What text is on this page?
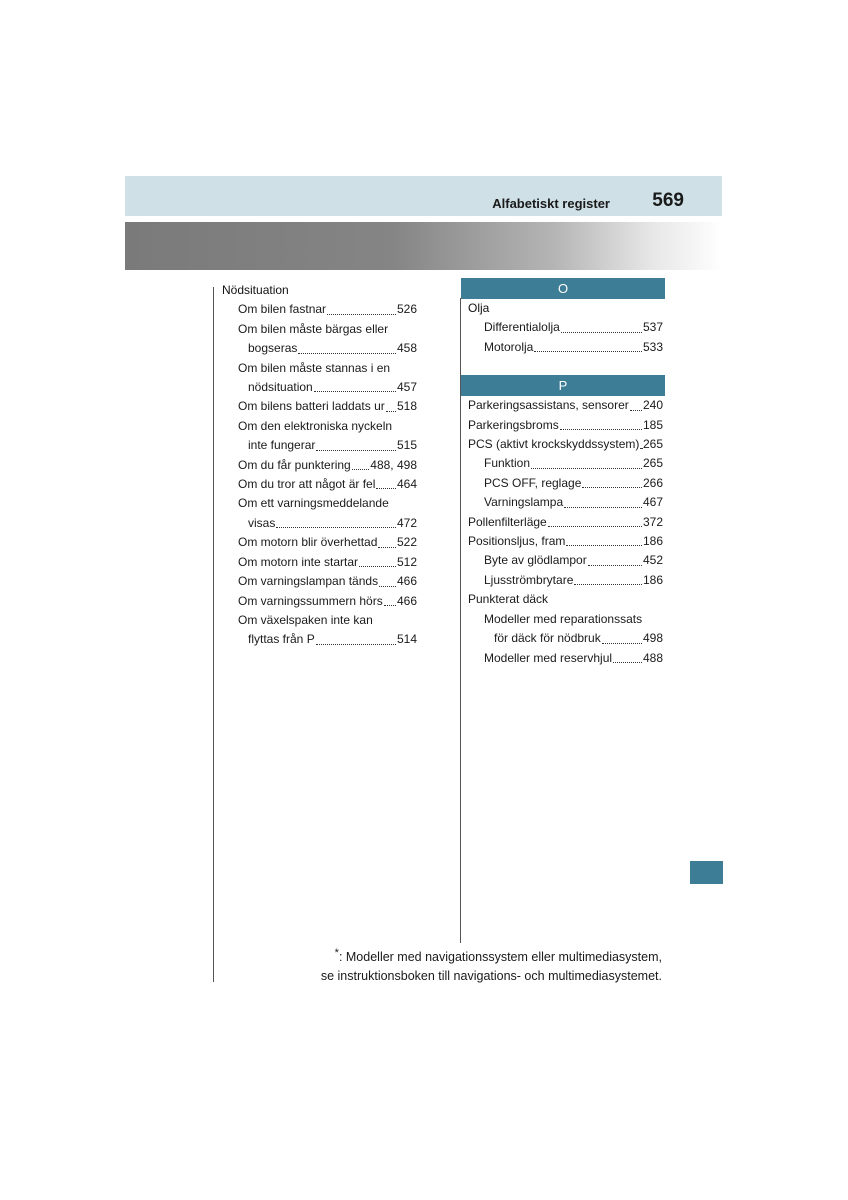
Alfabetiskt register 569
Nödsituation
Om bilen fastnar	526
Om bilen måste bärgas eller
bogseras	458
Om bilen måste stannas i en
nödsituation	457
Om bilens batteri laddats ur 518
Om den elektroniska nyckeln
inte fungerar	515
Om du får punktering 488, 498
Om du tror att något är fel 464
Om ett varningsmeddelande
visas	472
Om motorn blir överhettad 522
Om motorn inte startar	512
Om varningslampan tänds 466
Om varningssummern hörs 466
Om växelspaken inte kan
flyttas från P	514
O
Olja
Differentialolja	537
Motorolja	533
P
Parkeringsassistans, sensorer 240
Parkeringsbroms	185
PCS (aktivt krockskyddssystem) 265
Funktion	265
PCS OFF, reglage	266
Varningslampa	467
Pollenfilterläge	372
Positionsljus, fram	186
Byte av glödlampor	452
Ljusströmbrytare	186
Punkterat däck
Modeller med reparationssats
för däck för nödbruk	498
Modeller med reservhjul	488
*: Modeller med navigationssystem eller multimediasystem,
se instruktionsboken till navigations- och multimediasystemet.
